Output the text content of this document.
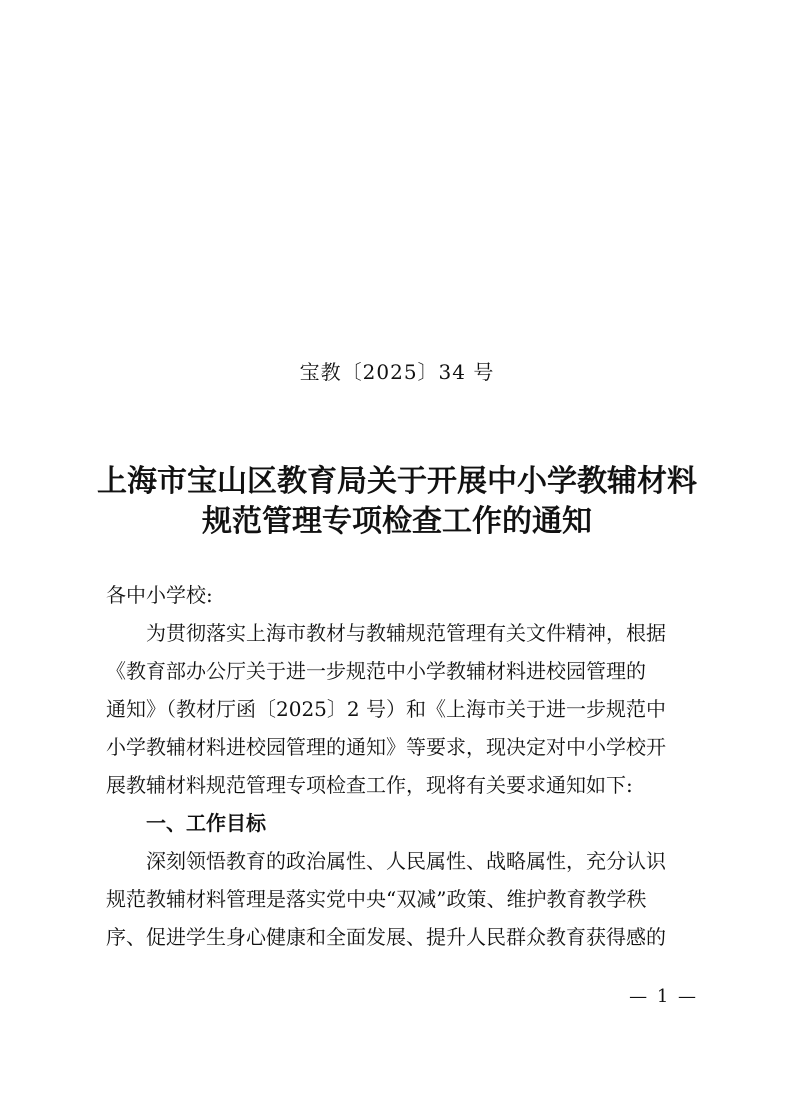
宝教〔2025〕34 号
上海市宝山区教育局关于开展中小学教辅材料
规范管理专项检查工作的通知
各中小学校:
为贯彻落实上海市教材与教辅规范管理有关文件精神，根据
《教育部办公厅关于进一步规范中小学教辅材料进校园管理的
通知》（教材厅函〔2025〕2 号）和《上海市关于进一步规范中
小学教辅材料进校园管理的通知》等要求，现决定对中小学校开
展教辅材料规范管理专项检查工作，现将有关要求通知如下:
一、工作目标
深刻领悟教育的政治属性、人民属性、战略属性，充分认识
规范教辅材料管理是落实党中央“双减”政策、维护教育教学秩
序、促进学生身心健康和全面发展、提升人民群众教育获得感的
— 1 —
